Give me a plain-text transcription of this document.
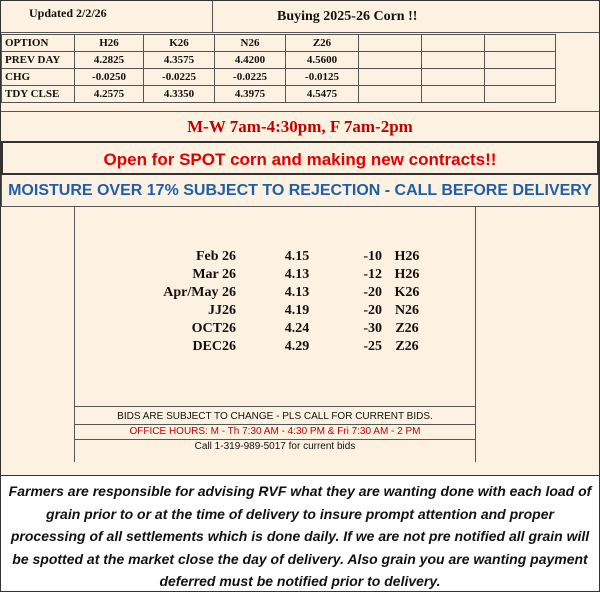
OPTION	H26	K26	N26	Z26			
PREV DAY	4.2825	4.3575	4.4200	4.5600			
CHG	-0.0250	-0.0225	-0.0225	-0.0125			
TDY CLSE	4.2575	4.3350	4.3975	4.5475			
Updated 2/2/26	Buying 2025-26 Corn !!
M-W 7am-4:30pm, F 7am-2pm
Open for SPOT corn and making new contracts!!
MOISTURE OVER 17% SUBJECT TO REJECTION - CALL BEFORE DELIVERY
Feb 26	4.15	-10	H26
Mar 26	4.13	-12	H26
Apr/May 26	4.13	-20	K26
JJ26	4.19	-20	N26
OCT26	4.24	-30	Z26
DEC26	4.29	-25	Z26
BIDS ARE SUBJECT TO CHANGE - PLS CALL FOR CURRENT BIDS.
OFFICE HOURS: M - Th 7:30 AM - 4:30 PM & Fri 7:30 AM - 2 PM
Call 1-319-989-5017 for current bids
Farmers are responsible for advising RVF what they are wanting done with each load of grain prior to or at the time of delivery to insure prompt attention and proper processing of all settlements which is done daily. If we are not pre notified all grain will be spotted at the market close the day of delivery. Also grain you are wanting payment deferred must be notified prior to delivery.
